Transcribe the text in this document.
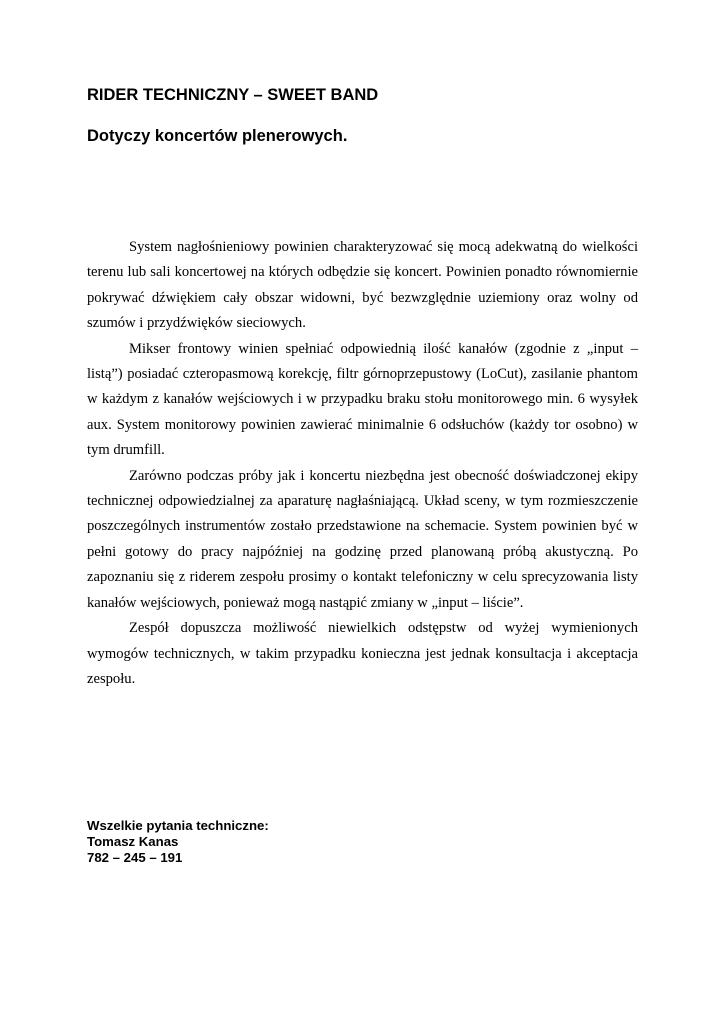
RIDER TECHNICZNY – SWEET BAND
Dotyczy koncertów plenerowych.

System nagłośnieniowy powinien charakteryzować się mocą adekwatną do wielkości terenu lub sali koncertowej na których odbędzie się koncert. Powinien ponadto równomiernie pokrywać dźwiękiem cały obszar widowni, być bezwzględnie uziemiony oraz wolny od szumów i przydźwięków sieciowych.

Mikser frontowy winien spełniać odpowiednią ilość kanałów (zgodnie z „input – listą”) posiadać czteropasmową korekcję, filtr górnoprzepustowy (LoCut), zasilanie phantom w każdym z kanałów wejściowych i w przypadku braku stołu monitorowego min. 6 wysyłek aux. System monitorowy powinien zawierać minimalnie 6 odsłuchów (każdy tor osobno) w tym drumfill.

Zarówno podczas próby jak i koncertu niezbędna jest obecność doświadczonej ekipy technicznej odpowiedzialnej za aparaturę nagłaśniającą. Układ sceny, w tym rozmieszczenie poszczególnych instrumentów zostało przedstawione na schemacie. System powinien być w pełni gotowy do pracy najpóźniej na godzinę przed planowaną próbą akustyczną. Po zapoznaniu się z riderem zespołu prosimy o kontakt telefoniczny w celu sprecyzowania listy kanałów wejściowych, ponieważ mogą nastąpić zmiany w „input – liście”.

Zespół dopuszcza możliwość niewielkich odstępstw od wyżej wymienionych wymogów technicznych, w takim przypadku konieczna jest jednak konsultacja i akceptacja zespołu.

Wszelkie pytania techniczne:
Tomasz Kanas
782 – 245 – 191
